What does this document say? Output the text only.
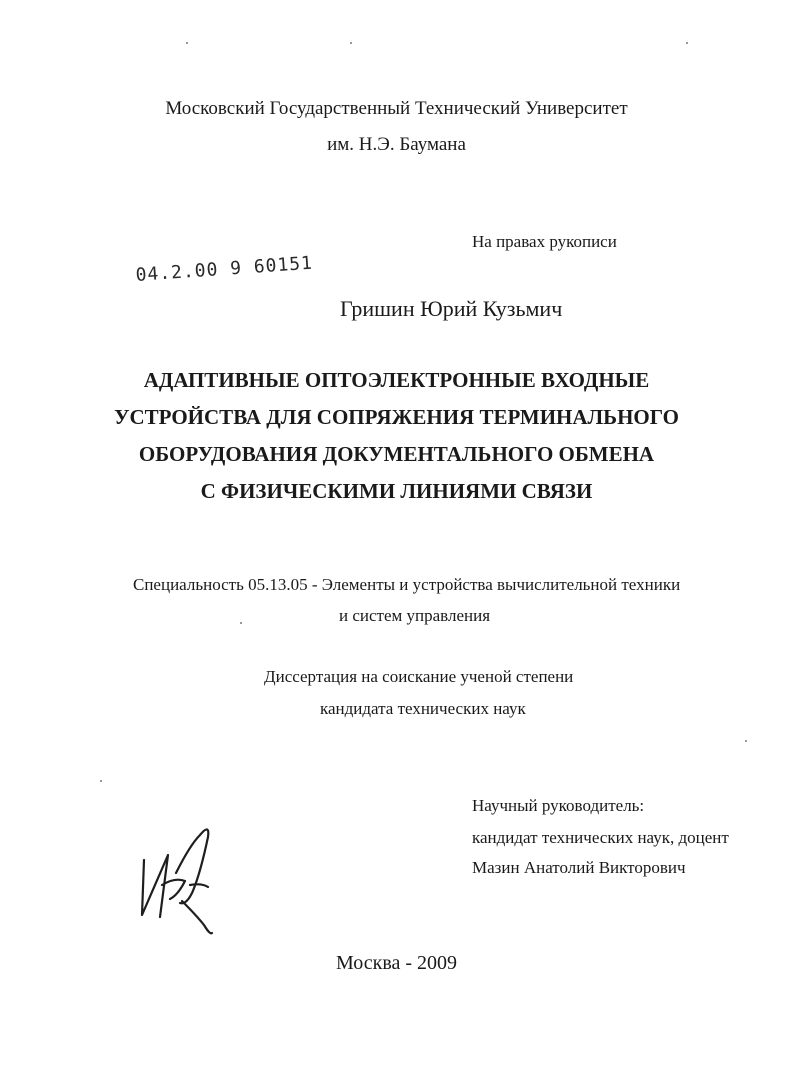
Московский Государственный Технический Университет
им. Н.Э. Баумана
На правах рукописи
04.2.00 9 60151
Гришин Юрий Кузьмич
АДАПТИВНЫЕ ОПТОЭЛЕКТРОННЫЕ ВХОДНЫЕ
УСТРОЙСТВА ДЛЯ СОПРЯЖЕНИЯ ТЕРМИНАЛЬНОГО
ОБОРУДОВАНИЯ ДОКУМЕНТАЛЬНОГО ОБМЕНА
С ФИЗИЧЕСКИМИ ЛИНИЯМИ СВЯЗИ
Специальность 05.13.05 - Элементы и устройства вычислительной техники
и систем управления
Диссертация на соискание ученой степени
кандидата технических наук
Научный руководитель:
кандидат технических наук, доцент
Мазин Анатолий Викторович
Москва - 2009
